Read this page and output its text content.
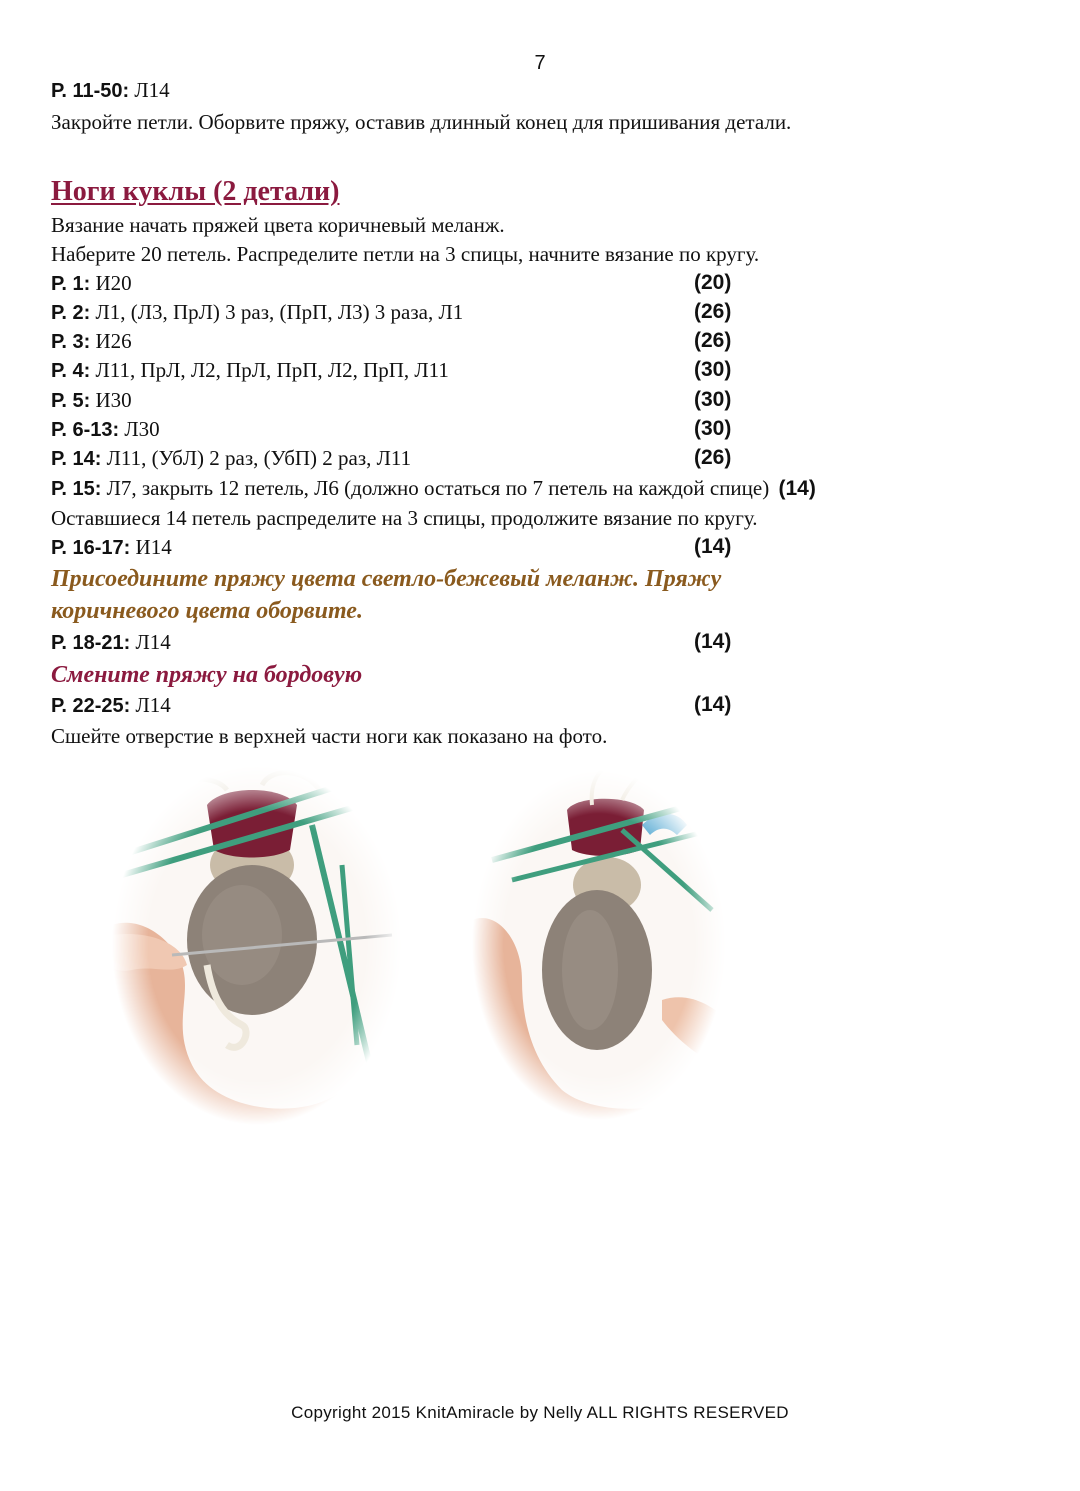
7
Р. 11-50: Л14
Закройте петли. Оборвите пряжу, оставив длинный конец для пришивания детали.
Ноги куклы (2 детали)
Вязание начать пряжей цвета коричневый меланж.
Наберите 20 петель. Распределите петли на 3 спицы, начните вязание по кругу.
Р. 1: И20	(20)
Р. 2: Л1, (Л3, ПрЛ) 3 раз, (ПрП, Л3) 3 раза, Л1	(26)
Р. 3: И26	(26)
Р. 4: Л11, ПрЛ, Л2, ПрЛ, ПрП, Л2, ПрП, Л11	(30)
Р. 5: И30	(30)
Р. 6-13: Л30	(30)
Р. 14: Л11, (УбЛ) 2 раз, (УбП) 2 раз, Л11	(26)
Р. 15: Л7, закрыть 12 петель, Л6 (должно остаться по 7 петель на каждой спице) (14)
Оставшиеся 14 петель распределите на 3 спицы, продолжите вязание по кругу.
Р. 16-17: И14	(14)
Присоедините пряжу цвета светло-бежевый меланж. Пряжу
коричневого цвета оборвите.
Р. 18-21: Л14	(14)
Смените пряжу на бордовую
Р. 22-25: Л14	(14)
Сшейте отверстие в верхней части ноги как показано на фото.
Copyright 2015 KnitAmiracle by Nelly ALL RIGHTS RESERVED
